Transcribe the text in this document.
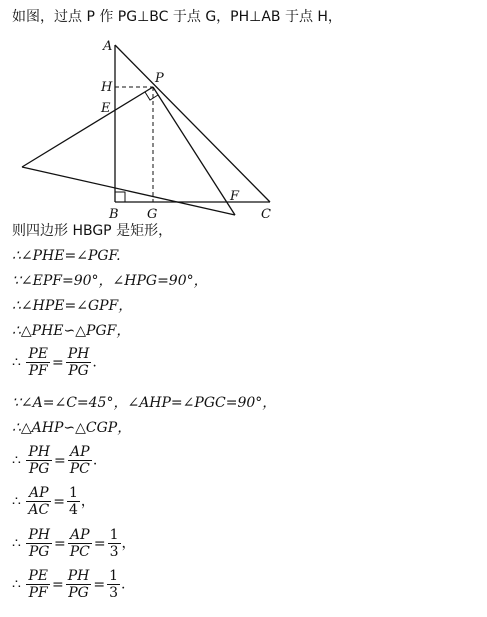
如图，过点 P 作 PG⊥BC 于点 G，PH⊥AB 于点 H，
A
H
P
E
B G
F
C
则四边形 HBGP 是矩形，
∴∠PHE=∠PGF.
∵∠EPF=90°，∠HPG=90°，
∴∠HPE=∠GPF，
∴△PHE∽△PGF，
∴ $\frac{PE}{PF} = \frac{PH}{PG}$ .
∵∠A=∠C=45°，∠AHP=∠PGC=90°，
∴△AHP∽△CGP，
∴ $\frac{PH}{PG} = \frac{AP}{PC}$ .
∴ $\frac{AP}{AC} = \frac{1}{4}$ ，
∴ $\frac{PH}{PG} = \frac{AP}{PC} = \frac{1}{3}$ ，
∴ $\frac{PE}{PF} = \frac{PH}{PG} = \frac{1}{3}$ .
